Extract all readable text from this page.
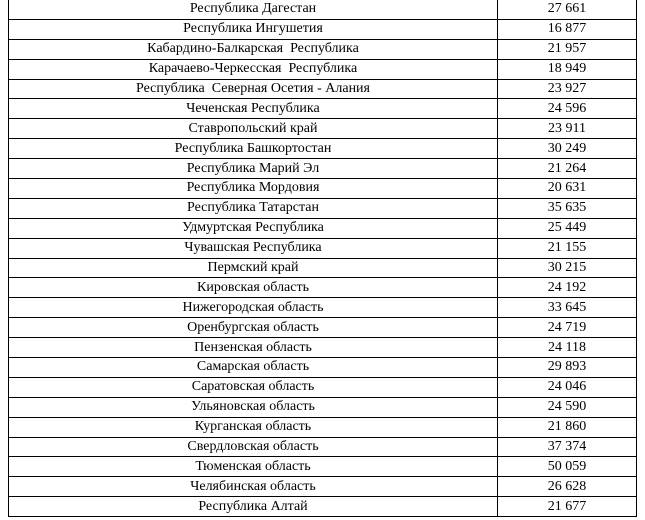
Республика Дагестан	27 661
Республика Ингушетия	16 877
Кабардино-Балкарская  Республика	21 957
Карачаево-Черкесская  Республика	18 949
Республика  Северная Осетия - Алания	23 927
Чеченская Республика	24 596
Ставропольский край	23 911
Республика Башкортостан	30 249
Республика Марий Эл	21 264
Республика Мордовия	20 631
Республика Татарстан	35 635
Удмуртская Республика	25 449
Чувашская Республика	21 155
Пермский край	30 215
Кировская область	24 192
Нижегородская область	33 645
Оренбургская область	24 719
Пензенская область	24 118
Самарская область	29 893
Саратовская область	24 046
Ульяновская область	24 590
Курганская область	21 860
Свердловская область	37 374
Тюменская область	50 059
Челябинская область	26 628
Республика Алтай	21 677
